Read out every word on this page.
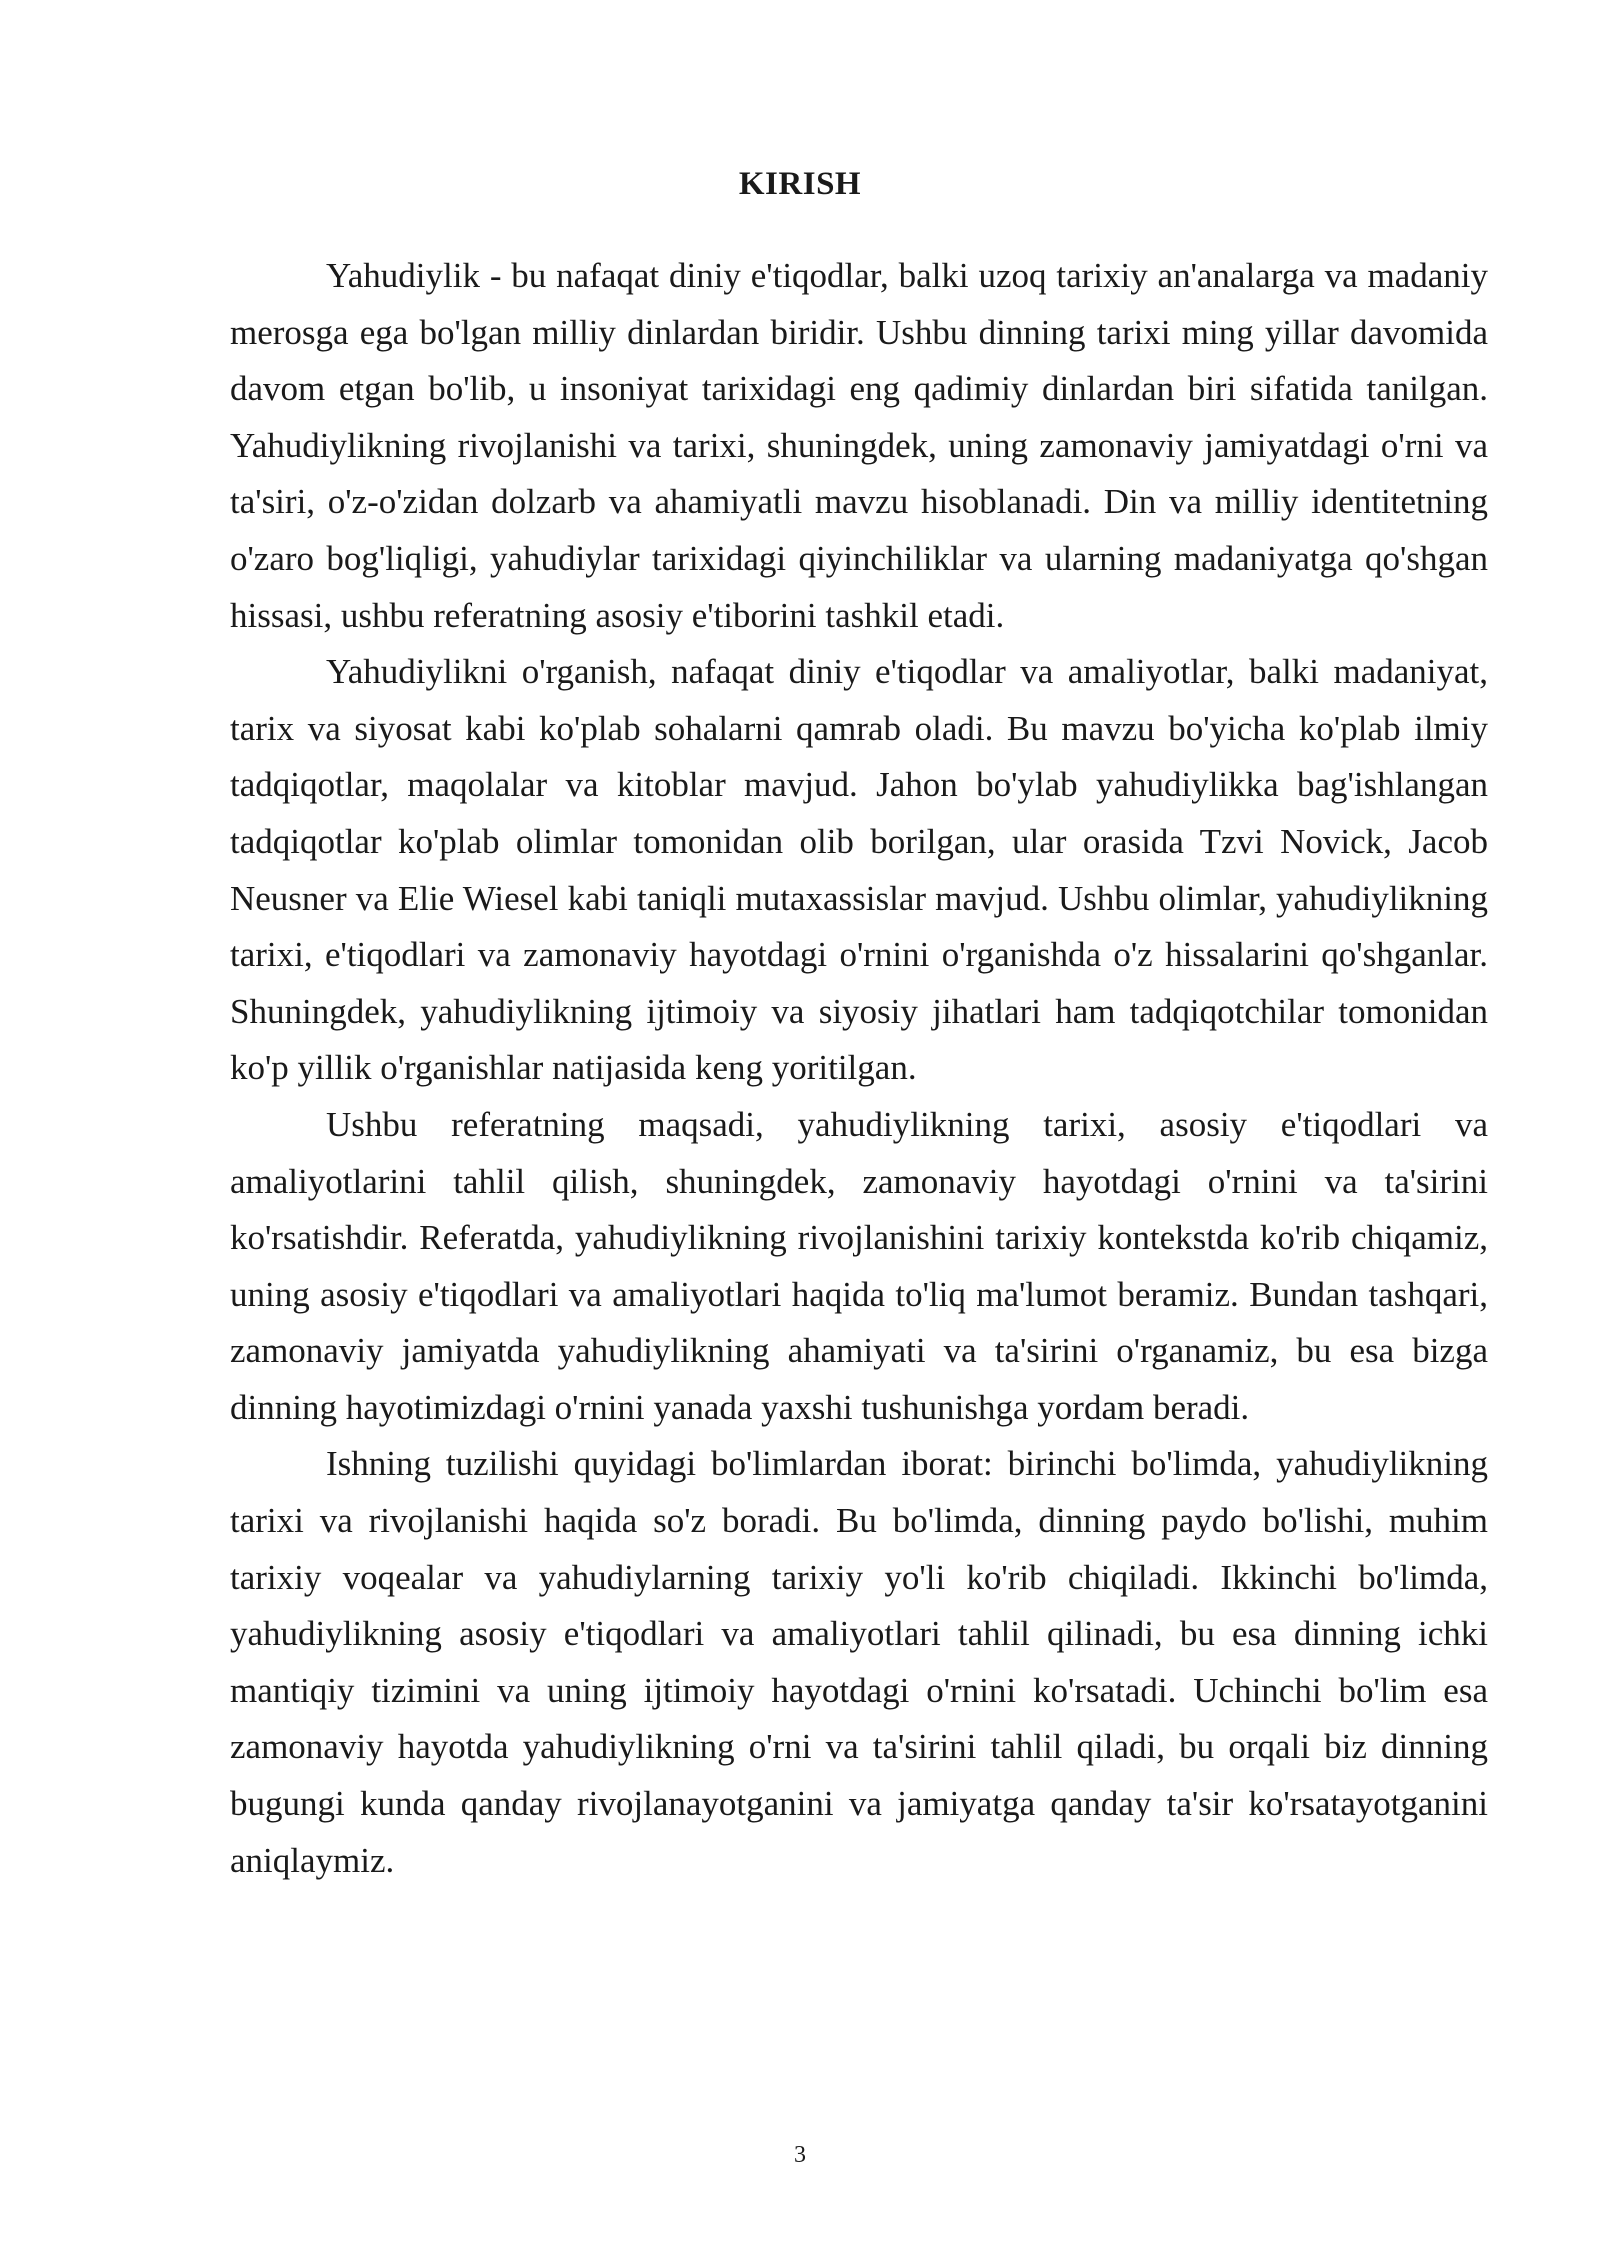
KIRISH

Yahudiylik - bu nafaqat diniy e'tiqodlar, balki uzoq tarixiy an'analarga va madaniy merosga ega bo'lgan milliy dinlardan biridir. Ushbu dinning tarixi ming yillar davomida davom etgan bo'lib, u insoniyat tarixidagi eng qadimiy dinlardan biri sifatida tanilgan. Yahudiylikning rivojlanishi va tarixi, shuningdek, uning zamonaviy jamiyatdagi o'rni va ta'siri, o'z-o'zidan dolzarb va ahamiyatli mavzu hisoblanadi. Din va milliy identitetning o'zaro bog'liqligi, yahudiylar tarixidagi qiyinchiliklar va ularning madaniyatga qo'shgan hissasi, ushbu referatning asosiy e'tiborini tashkil etadi.

Yahudiylikni o'rganish, nafaqat diniy e'tiqodlar va amaliyotlar, balki madaniyat, tarix va siyosat kabi ko'plab sohalarni qamrab oladi. Bu mavzu bo'yicha ko'plab ilmiy tadqiqotlar, maqolalar va kitoblar mavjud. Jahon bo'ylab yahudiylikka bag'ishlangan tadqiqotlar ko'plab olimlar tomonidan olib borilgan, ular orasida Tzvi Novick, Jacob Neusner va Elie Wiesel kabi taniqli mutaxassislar mavjud. Ushbu olimlar, yahudiylikning tarixi, e'tiqodlari va zamonaviy hayotdagi o'rnini o'rganishda o'z hissalarini qo'shganlar. Shuningdek, yahudiylikning ijtimoiy va siyosiy jihatlari ham tadqiqotchilar tomonidan ko'p yillik o'rganishlar natijasida keng yoritilgan.

Ushbu referatning maqsadi, yahudiylikning tarixi, asosiy e'tiqodlari va amaliyotlarini tahlil qilish, shuningdek, zamonaviy hayotdagi o'rnini va ta'sirini ko'rsatishdir. Referatda, yahudiylikning rivojlanishini tarixiy kontekstda ko'rib chiqamiz, uning asosiy e'tiqodlari va amaliyotlari haqida to'liq ma'lumot beramiz. Bundan tashqari, zamonaviy jamiyatda yahudiylikning ahamiyati va ta'sirini o'rganamiz, bu esa bizga dinning hayotimizdagi o'rnini yanada yaxshi tushunishga yordam beradi.

Ishning tuzilishi quyidagi bo'limlardan iborat: birinchi bo'limda, yahudiylikning tarixi va rivojlanishi haqida so'z boradi. Bu bo'limda, dinning paydo bo'lishi, muhim tarixiy voqealar va yahudiylarning tarixiy yo'li ko'rib chiqiladi. Ikkinchi bo'limda, yahudiylikning asosiy e'tiqodlari va amaliyotlari tahlil qilinadi, bu esa dinning ichki mantiqiy tizimini va uning ijtimoiy hayotdagi o'rnini ko'rsatadi. Uchinchi bo'lim esa zamonaviy hayotda yahudiylikning o'rni va ta'sirini tahlil qiladi, bu orqali biz dinning bugungi kunda qanday rivojlanayotganini va jamiyatga qanday ta'sir ko'rsatayotganini aniqlaymiz.

3
